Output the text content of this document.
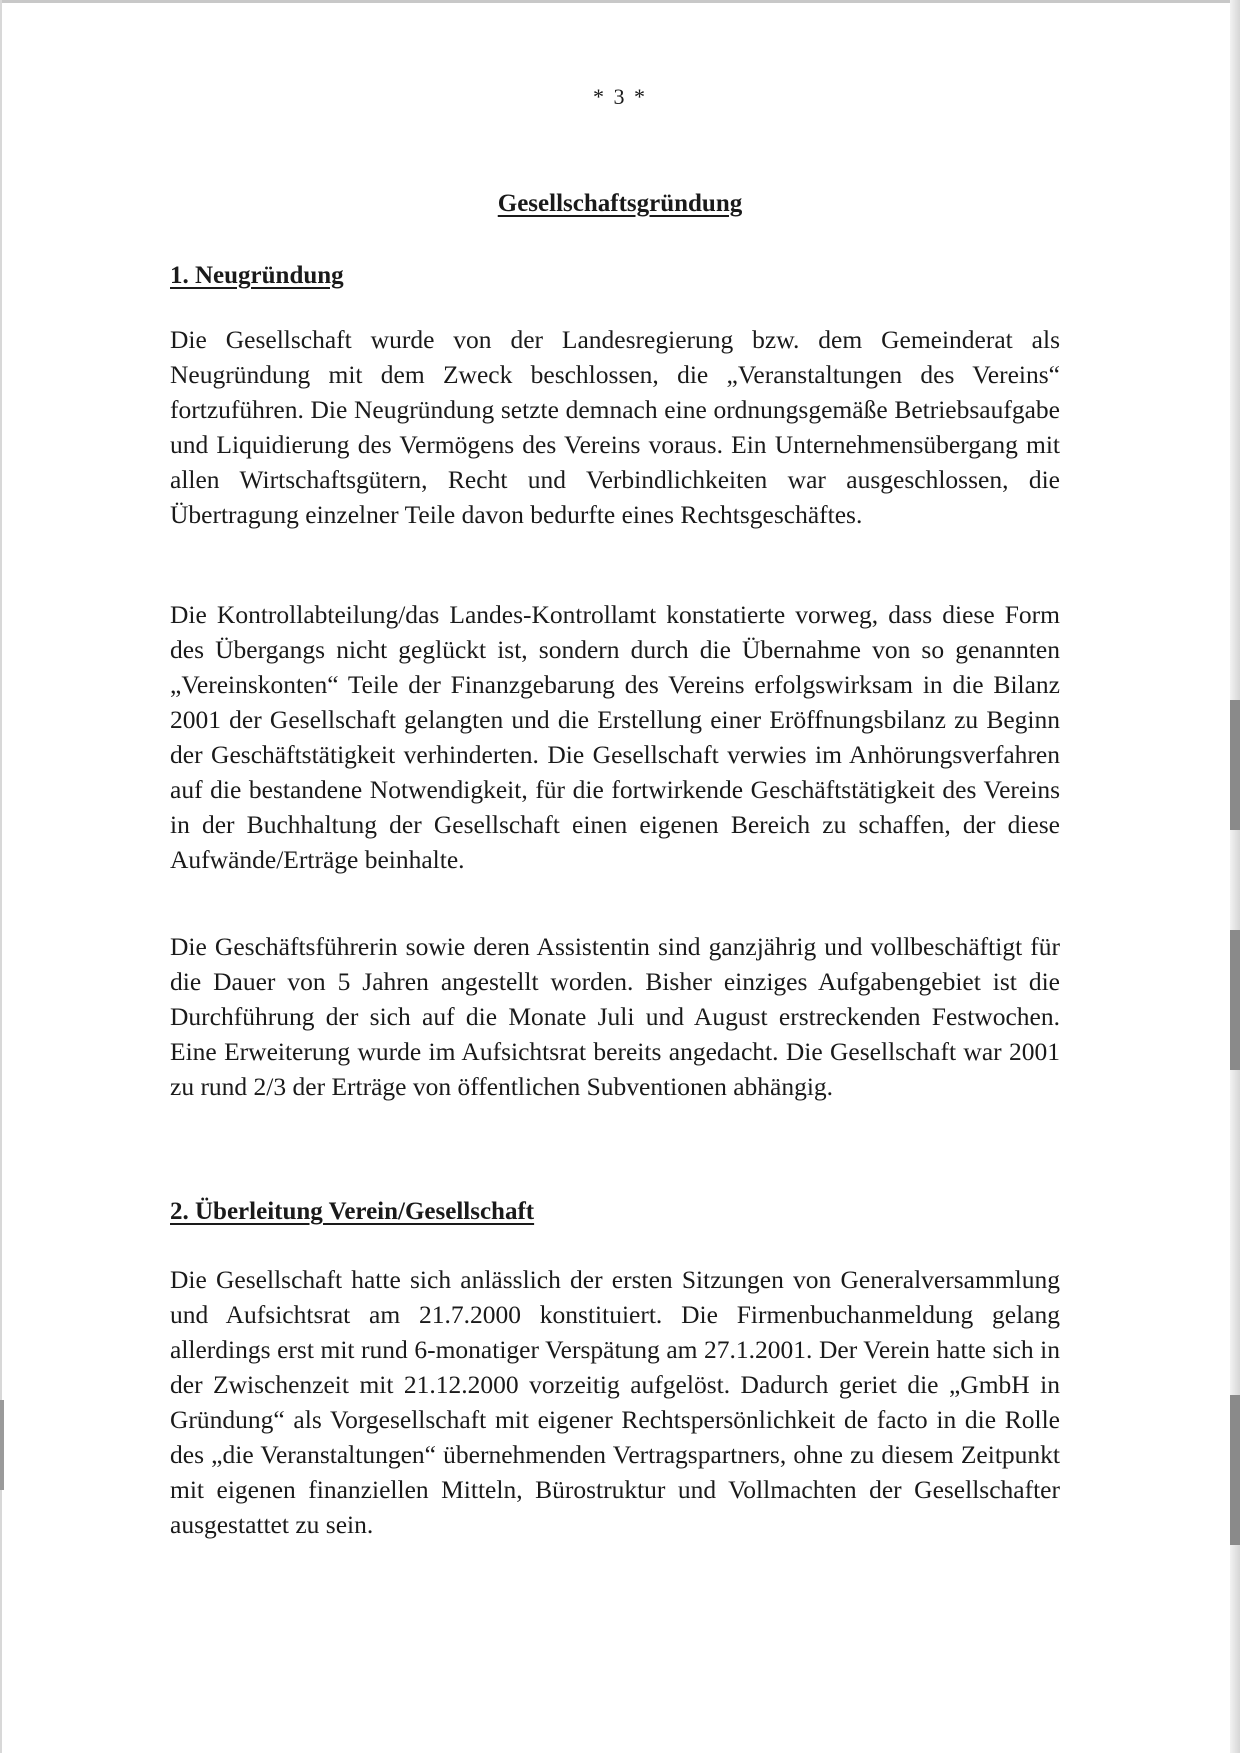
* 3 *
Gesellschaftsgründung
1. Neugründung

Die Gesellschaft wurde von der Landesregierung bzw. dem Gemeinderat als Neugründung mit dem Zweck beschlossen, die „Veranstaltungen des Vereins“ fortzuführen. Die Neugründung setzte demnach eine ordnungsgemäße Betriebsaufgabe und Liquidierung des Vermögens des Vereins voraus. Ein Unternehmensübergang mit allen Wirtschaftsgütern, Recht und Verbindlichkeiten war ausgeschlossen, die Übertragung einzelner Teile davon bedurfte eines Rechtsgeschäftes.

Die Kontrollabteilung/das Landes-Kontrollamt konstatierte vorweg, dass diese Form des Übergangs nicht geglückt ist, sondern durch die Übernahme von so genannten „Vereinskonten“ Teile der Finanzgebarung des Vereins erfolgswirksam in die Bilanz 2001 der Gesellschaft gelangten und die Erstellung einer Eröffnungsbilanz zu Beginn der Geschäftstätigkeit verhinderten. Die Gesellschaft verwies im Anhörungsverfahren auf die bestandene Notwendigkeit, für die fortwirkende Geschäftstätigkeit des Vereins in der Buchhaltung der Gesellschaft einen eigenen Bereich zu schaffen, der diese Aufwände/Erträge beinhalte.

Die Geschäftsführerin sowie deren Assistentin sind ganzjährig und vollbeschäftigt für die Dauer von 5 Jahren angestellt worden. Bisher einziges Aufgabengebiet ist die Durchführung der sich auf die Monate Juli und August erstreckenden Festwochen. Eine Erweiterung wurde im Aufsichtsrat bereits angedacht. Die Gesellschaft war 2001 zu rund 2/3 der Erträge von öffentlichen Subventionen abhängig.

2. Überleitung Verein/Gesellschaft

Die Gesellschaft hatte sich anlässlich der ersten Sitzungen von Generalversammlung und Aufsichtsrat am 21.7.2000 konstituiert. Die Firmenbuchanmeldung gelang allerdings erst mit rund 6-monatiger Verspätung am 27.1.2001. Der Verein hatte sich in der Zwischenzeit mit 21.12.2000 vorzeitig aufgelöst. Dadurch geriet die „GmbH in Gründung“ als Vorgesellschaft mit eigener Rechtspersönlichkeit de facto in die Rolle des „die Veranstaltungen“ übernehmenden Vertragspartners, ohne zu diesem Zeitpunkt mit eigenen finanziellen Mitteln, Bürostruktur und Vollmachten der Gesellschafter ausgestattet zu sein.
